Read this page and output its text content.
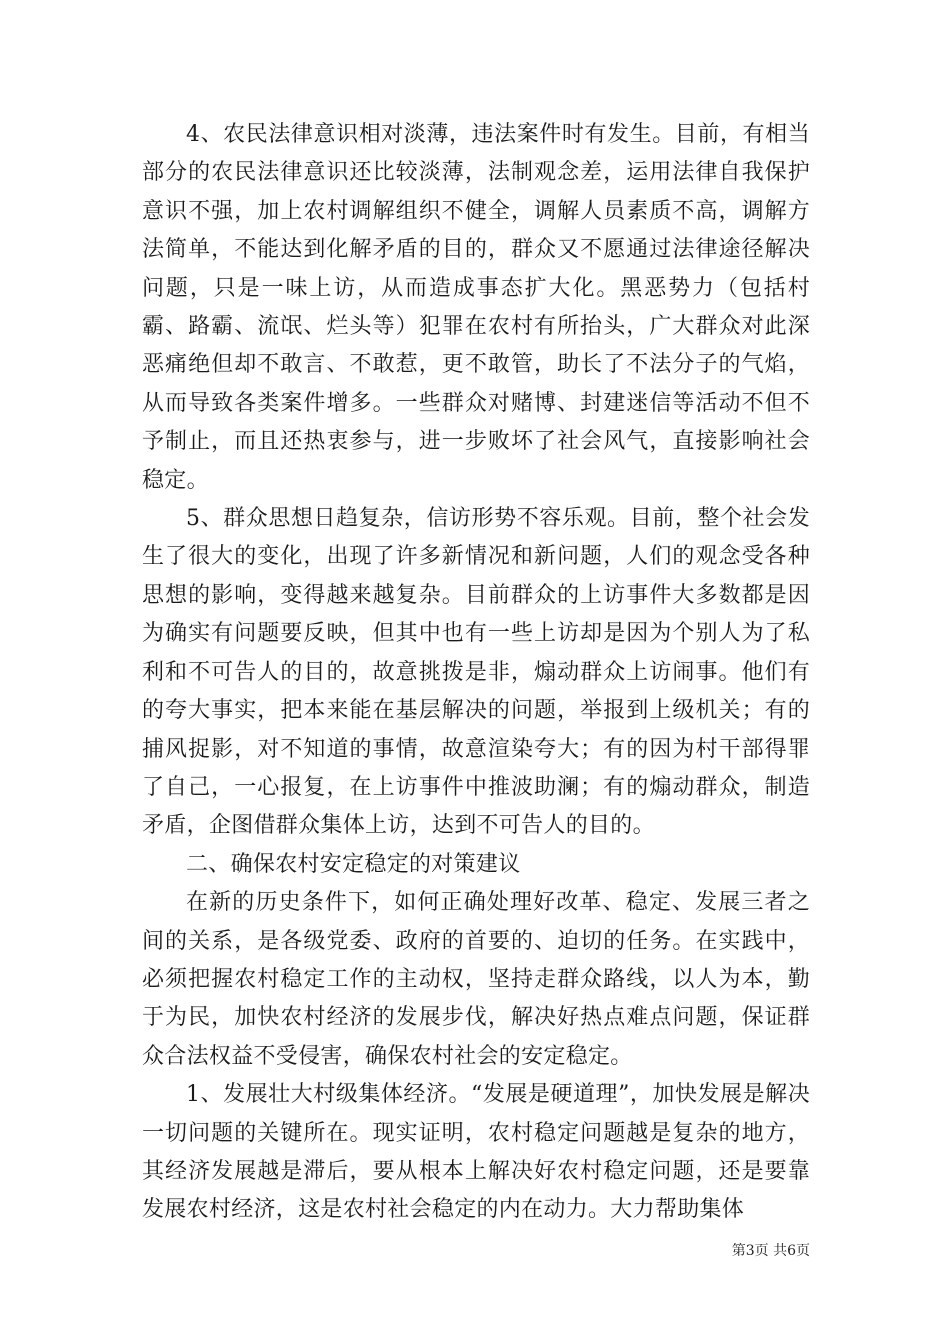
4、农民法律意识相对淡薄，违法案件时有发生。目前，有相当部分的农民法律意识还比较淡薄，法制观念差，运用法律自我保护意识不强，加上农村调解组织不健全，调解人员素质不高，调解方法简单，不能达到化解矛盾的目的，群众又不愿通过法律途径解决问题，只是一味上访，从而造成事态扩大化。黑恶势力（包括村霸、路霸、流氓、烂头等）犯罪在农村有所抬头，广大群众对此深恶痛绝但却不敢言、不敢惹，更不敢管，助长了不法分子的气焰，从而导致各类案件增多。一些群众对赌博、封建迷信等活动不但不予制止，而且还热衷参与，进一步败坏了社会风气，直接影响社会稳定。

5、群众思想日趋复杂，信访形势不容乐观。目前，整个社会发生了很大的变化，出现了许多新情况和新问题，人们的观念受各种思想的影响，变得越来越复杂。目前群众的上访事件大多数都是因为确实有问题要反映，但其中也有一些上访却是因为个别人为了私利和不可告人的目的，故意挑拨是非，煽动群众上访闹事。他们有的夸大事实，把本来能在基层解决的问题，举报到上级机关；有的捕风捉影，对不知道的事情，故意渲染夸大；有的因为村干部得罪了自己，一心报复，在上访事件中推波助澜；有的煽动群众，制造矛盾，企图借群众集体上访，达到不可告人的目的。

二、确保农村安定稳定的对策建议

在新的历史条件下，如何正确处理好改革、稳定、发展三者之间的关系，是各级党委、政府的首要的、迫切的任务。在实践中，必须把握农村稳定工作的主动权，坚持走群众路线，以人为本，勤于为民，加快农村经济的发展步伐，解决好热点难点问题，保证群众合法权益不受侵害，确保农村社会的安定稳定。

1、发展壮大村级集体经济。“发展是硬道理”，加快发展是解决一切问题的关键所在。现实证明，农村稳定问题越是复杂的地方，其经济发展越是滞后，要从根本上解决好农村稳定问题，还是要靠发展农村经济，这是农村社会稳定的内在动力。大力帮助集体

第3页 共6页
